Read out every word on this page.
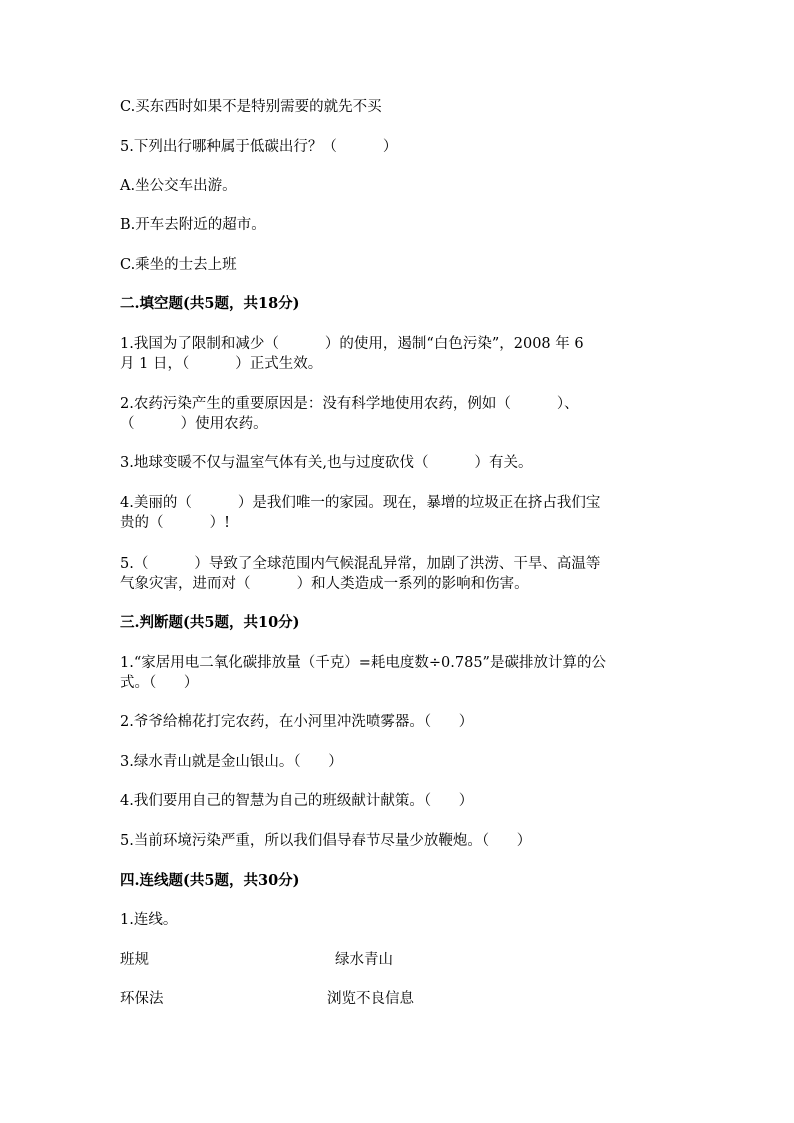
C.买东西时如果不是特别需要的就先不买
5.下列出行哪种属于低碳出行？（          ）
A.坐公交车出游。
B.开车去附近的超市。
C.乘坐的士去上班
二.填空题(共5题，共18分)
1.我国为了限制和减少（          ）的使用，遏制“白色污染”，2008 年 6
月 1 日，（          ）正式生效。
2.农药污染产生的重要原因是：没有科学地使用农药，例如（          ）、
（          ）使用农药。
3.地球变暖不仅与温室气体有关,也与过度砍伐（          ）有关。
4.美丽的（          ）是我们唯一的家园。现在，暴增的垃圾正在挤占我们宝
贵的（          ）!
5.（          ）导致了全球范围内气候混乱异常，加剧了洪涝、干旱、高温等
气象灾害，进而对（          ）和人类造成一系列的影响和伤害。
三.判断题(共5题，共10分)
1.“家居用电二氧化碳排放量（千克）=耗电度数÷0.785”是碳排放计算的公
式。（      ）
2.爷爷给棉花打完农药，在小河里冲洗喷雾器。（      ）
3.绿水青山就是金山银山。（      ）
4.我们要用自己的智慧为自己的班级献计献策。（      ）
5.当前环境污染严重，所以我们倡导春节尽量少放鞭炮。（      ）
四.连线题(共5题，共30分)
1.连线。
班规	绿水青山
环保法	浏览不良信息
